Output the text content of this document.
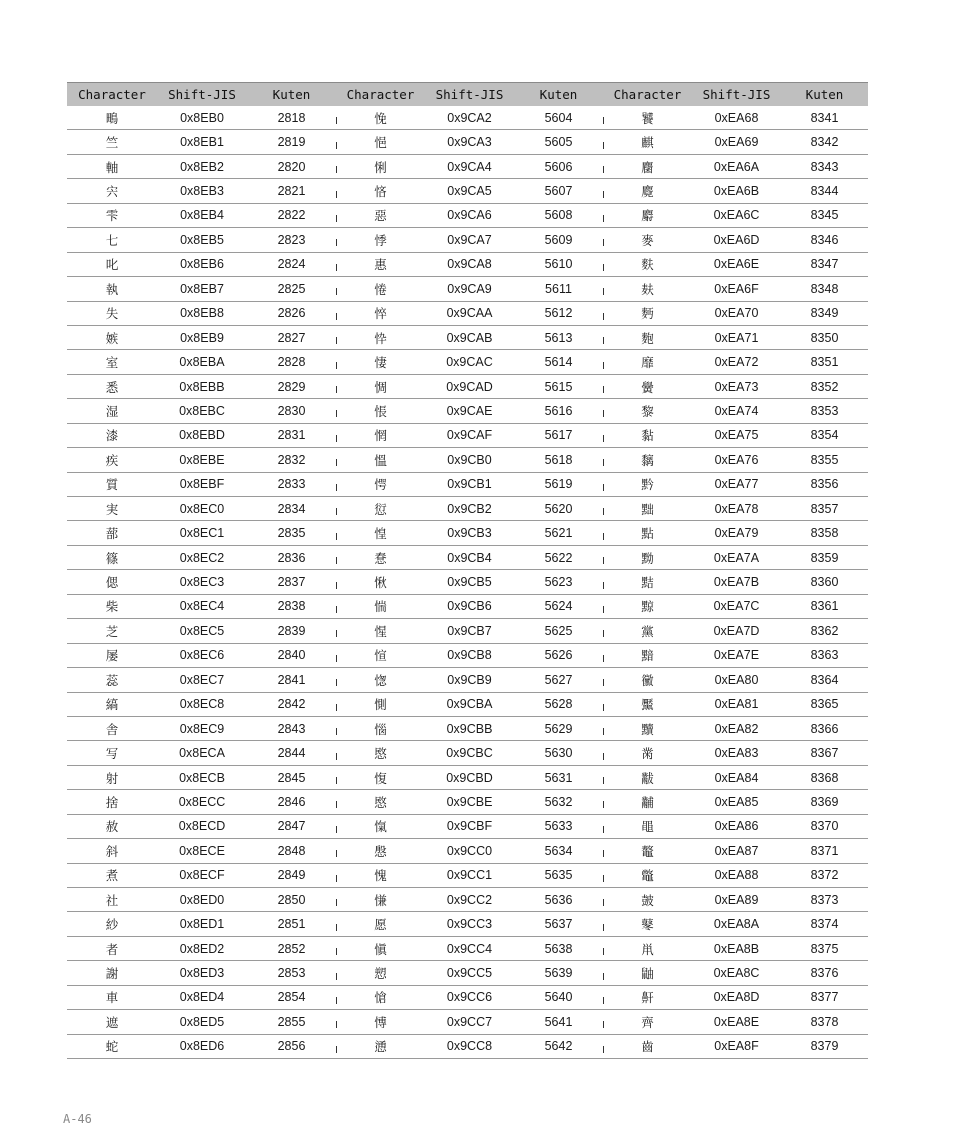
Character	Shift-JIS	Kuten		Character	Shift-JIS	Kuten		Character	Shift-JIS	Kuten
鴫	0x8EB0	2818		悗	0x9CA2	5604		饕	0xEA68	8341
竺	0x8EB1	2819		悒	0x9CA3	5605		麒	0xEA69	8342
軸	0x8EB2	2820		悧	0x9CA4	5606		麕	0xEA6A	8343
宍	0x8EB3	2821		悋	0x9CA5	5607		麑	0xEA6B	8344
雫	0x8EB4	2822		惡	0x9CA6	5608		麝	0xEA6C	8345
七	0x8EB5	2823		悸	0x9CA7	5609		麥	0xEA6D	8346
叱	0x8EB6	2824		惠	0x9CA8	5610		麩	0xEA6E	8347
執	0x8EB7	2825		惓	0x9CA9	5611		麸	0xEA6F	8348
失	0x8EB8	2826		悴	0x9CAA	5612		麪	0xEA70	8349
嫉	0x8EB9	2827		忰	0x9CAB	5613		麭	0xEA71	8350
室	0x8EBA	2828		悽	0x9CAC	5614		靡	0xEA72	8351
悉	0x8EBB	2829		惆	0x9CAD	5615		黌	0xEA73	8352
湿	0x8EBC	2830		悵	0x9CAE	5616		黎	0xEA74	8353
漆	0x8EBD	2831		惘	0x9CAF	5617		黏	0xEA75	8354
疾	0x8EBE	2832		慍	0x9CB0	5618		黐	0xEA76	8355
質	0x8EBF	2833		愕	0x9CB1	5619		黔	0xEA77	8356
実	0x8EC0	2834		愆	0x9CB2	5620		黜	0xEA78	8357
蔀	0x8EC1	2835		惶	0x9CB3	5621		點	0xEA79	8358
篠	0x8EC2	2836		惷	0x9CB4	5622		黝	0xEA7A	8359
偲	0x8EC3	2837		愀	0x9CB5	5623		黠	0xEA7B	8360
柴	0x8EC4	2838		惴	0x9CB6	5624		黥	0xEA7C	8361
芝	0x8EC5	2839		惺	0x9CB7	5625		黨	0xEA7D	8362
屡	0x8EC6	2840		愃	0x9CB8	5626		黯	0xEA7E	8363
蕊	0x8EC7	2841		愡	0x9CB9	5627		黴	0xEA80	8364
縞	0x8EC8	2842		惻	0x9CBA	5628		黶	0xEA81	8365
舎	0x8EC9	2843		惱	0x9CBB	5629		黷	0xEA82	8366
写	0x8ECA	2844		愍	0x9CBC	5630		黹	0xEA83	8367
射	0x8ECB	2845		愎	0x9CBD	5631		黻	0xEA84	8368
捨	0x8ECC	2846		愍	0x9CBE	5632		黼	0xEA85	8369
赦	0x8ECD	2847		愾	0x9CBF	5633		黽	0xEA86	8370
斜	0x8ECE	2848		慇	0x9CC0	5634		鼇	0xEA87	8371
煮	0x8ECF	2849		愧	0x9CC1	5635		鼈	0xEA88	8372
社	0x8ED0	2850		慊	0x9CC2	5636		皷	0xEA89	8373
紗	0x8ED1	2851		愿	0x9CC3	5637		鼕	0xEA8A	8374
者	0x8ED2	2852		愼	0x9CC4	5638		鼡	0xEA8B	8375
謝	0x8ED3	2853		愬	0x9CC5	5639		鼬	0xEA8C	8376
車	0x8ED4	2854		愴	0x9CC6	5640		鼾	0xEA8D	8377
遮	0x8ED5	2855		愽	0x9CC7	5641		齊	0xEA8E	8378
蛇	0x8ED6	2856		慂	0x9CC8	5642		齒	0xEA8F	8379
A-46
